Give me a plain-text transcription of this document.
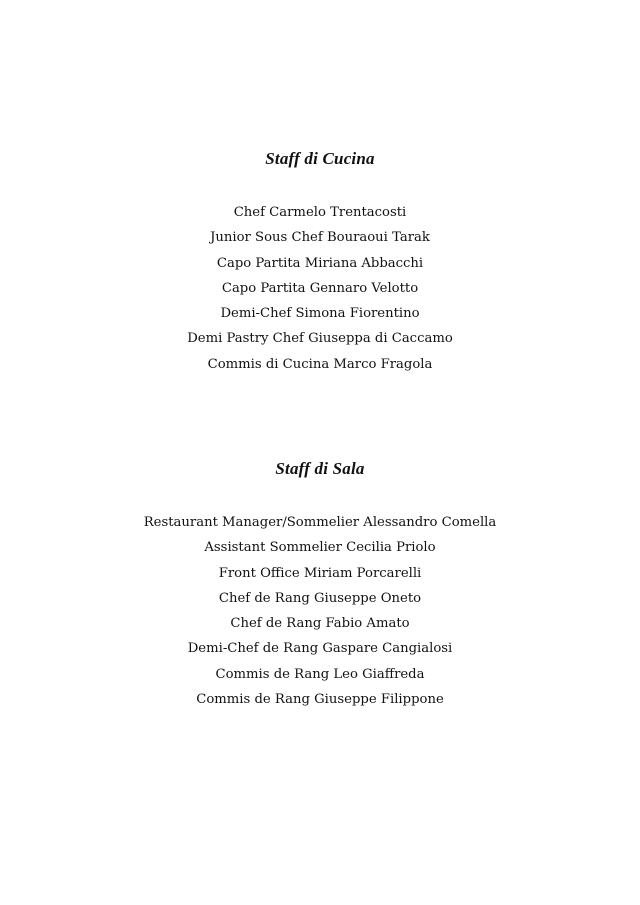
Staff di Cucina
Chef Carmelo Trentacosti
Junior Sous Chef Bouraoui Tarak
Capo Partita Miriana Abbacchi
Capo Partita Gennaro Velotto
Demi-Chef Simona Fiorentino
Demi Pastry Chef Giuseppa di Caccamo
Commis di Cucina Marco Fragola
Staff di Sala
Restaurant Manager/Sommelier Alessandro Comella
Assistant Sommelier Cecilia Priolo
Front Office Miriam Porcarelli
Chef de Rang Giuseppe Oneto
Chef de Rang Fabio Amato
Demi-Chef de Rang Gaspare Cangialosi
Commis de Rang Leo Giaffreda
Commis de Rang Giuseppe Filippone
